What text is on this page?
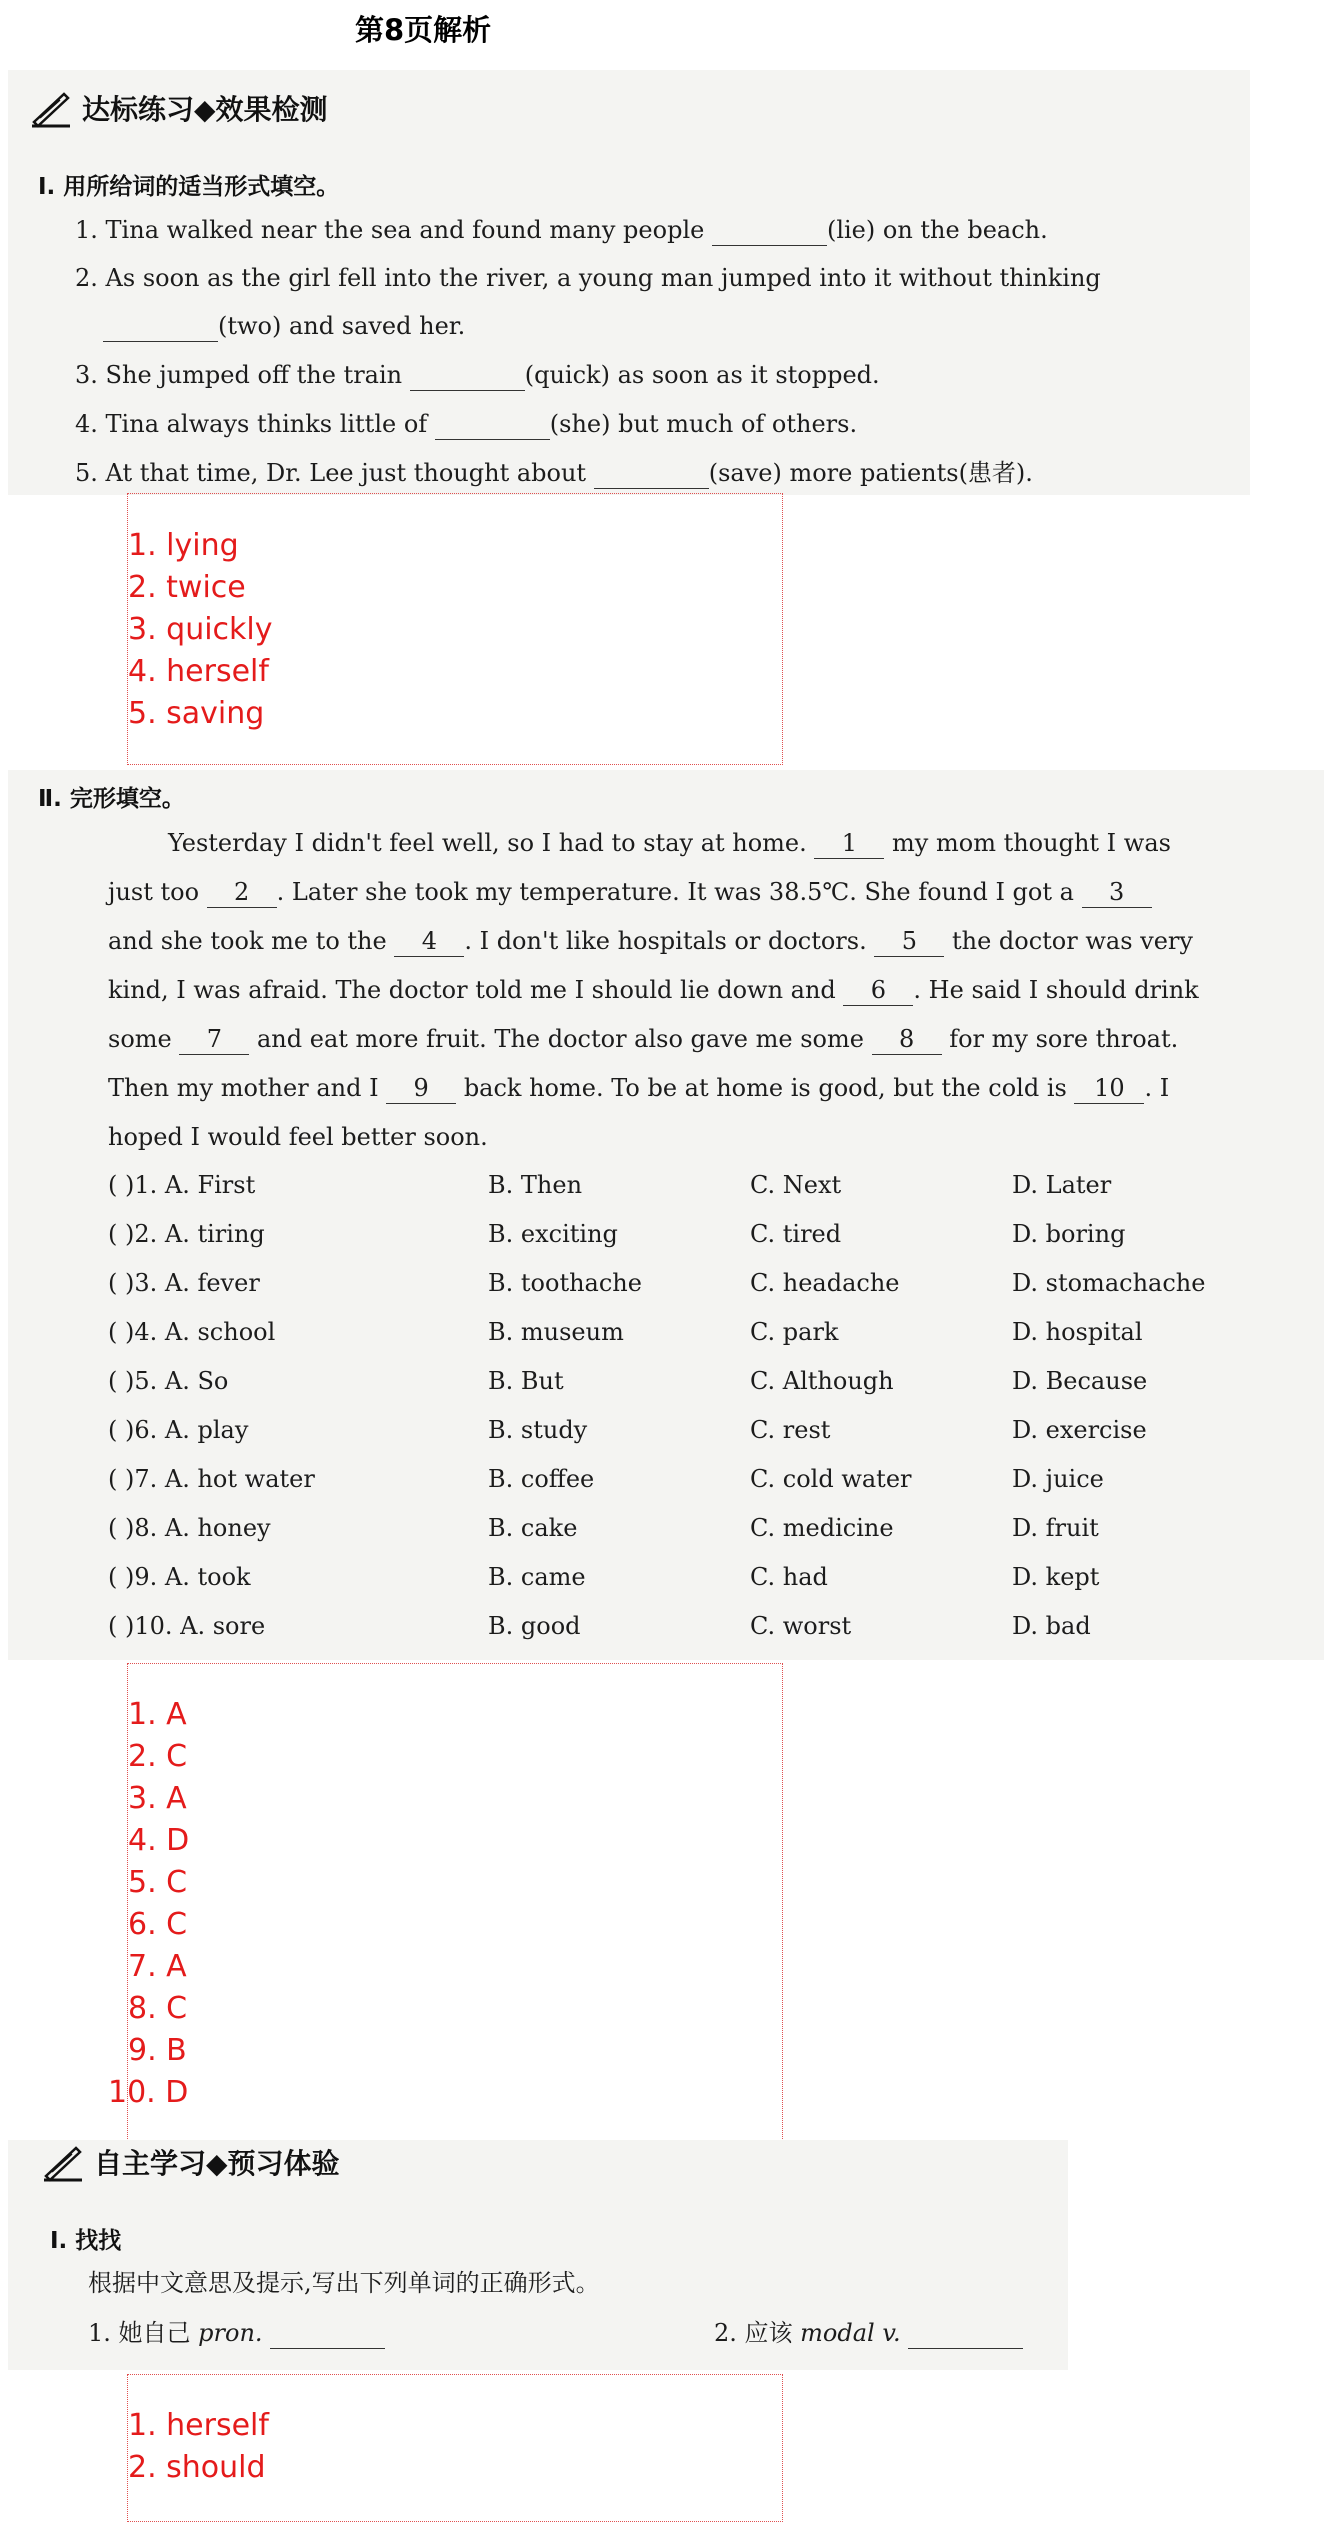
第8页解析
达标练习◆效果检测
Ⅰ. 用所给词的适当形式填空。
1. Tina walked near the sea and found many people	(lie) on the beach.
2. As soon as the girl fell into the river, a young man jumped into it without thinking
(two) and saved her.
3. She jumped off the train	(quick) as soon as it stopped.
4. Tina always thinks little of	(she) but much of others.
5. At that time, Dr. Lee just thought about	(save) more patients(患者).
1. lying
2. twice
3. quickly
4. herself
5. saving
Ⅱ. 完形填空。
Yesterday I didn't feel well, so I had to stay at home. 1 my mom thought I was
just too 2 . Later she took my temperature. It was 38.5℃. She found I got a 3
and she took me to the 4 . I don't like hospitals or doctors. 5 the doctor was very
kind, I was afraid. The doctor told me I should lie down and 6 . He said I should drink
some 7 and eat more fruit. The doctor also gave me some 8 for my sore throat.
Then my mother and I 9 back home. To be at home is good, but the cold is 10 . I
hoped I would feel better soon.
( )1. A. First	B. Then	C. Next	D. Later
( )2. A. tiring	B. exciting	C. tired	D. boring
( )3. A. fever	B. toothache	C. headache	D. stomachache
( )4. A. school	B. museum	C. park	D. hospital
( )5. A. So	B. But	C. Although	D. Because
( )6. A. play	B. study	C. rest	D. exercise
( )7. A. hot water	B. coffee	C. cold water	D. juice
( )8. A. honey	B. cake	C. medicine	D. fruit
( )9. A. took	B. came	C. had	D. kept
( )10. A. sore	B. good	C. worst	D. bad
1. A
2. C
3. A
4. D
5. C
6. C
7. A
8. C
9. B
10. D
自主学习◆预习体验
Ⅰ. 找找
根据中文意思及提示,写出下列单词的正确形式。
1. 她自己 pron.	2. 应该 modal v.
1. herself
2. should
